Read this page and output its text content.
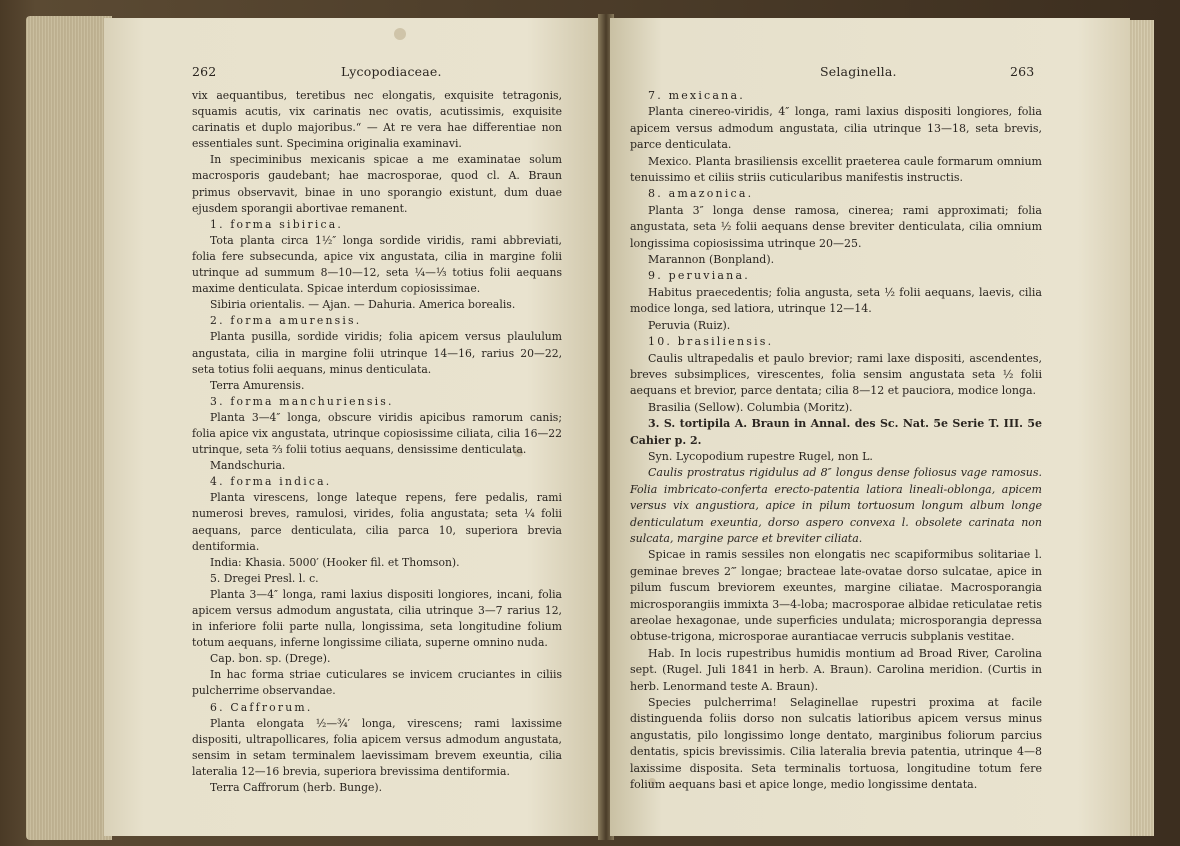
262	Lycopodiaceae.

vix aequantibus, teretibus nec elongatis, exquisite tetragonis, squamis acutis, vix carinatis nec ovatis, acutissimis, exquisite carinatis et duplo majoribus.“ — At re vera hae differentiae non essentiales sunt. Specimina originalia examinavi.

In speciminibus mexicanis spicae a me examinatae solum macrosporis gaudebant; hae macrosporae, quod cl. A. Braun primus observavit, binae in uno sporangio existunt, dum duae ejusdem sporangii abortivae remanent.

1. forma sibirica.

Tota planta circa 1½″ longa sordide viridis, rami abbreviati, folia fere subsecunda, apice vix angustata, cilia in margine folii utrinque ad summum 8—10—12, seta ¼—⅓ totius folii aequans maxime denticulata. Spicae interdum copiosissimae.

Sibiria orientalis. — Ajan. — Dahuria. America borealis.

2. forma amurensis.

Planta pusilla, sordide viridis; folia apicem versus plaululum angustata, cilia in margine folii utrinque 14—16, rarius 20—22, seta totius folii aequans, minus denticulata.

Terra Amurensis.

3. forma manchuriensis.

Planta 3—4″ longa, obscure viridis apicibus ramorum canis; folia apice vix angustata, utrinque copiosissime ciliata, cilia 16—22 utrinque, seta ⅔ folii totius aequans, densissime denticulata.

Mandschuria.

4. forma indica.

Planta virescens, longe lateque repens, fere pedalis, rami numerosi breves, ramulosi, virides, folia angustata; seta ¼ folii aequans, parce denticulata, cilia parca 10, superiora brevia dentiformia.

India: Khasia. 5000′ (Hooker fil. et Thomson).

5. Dregei Presl. l. c.

Planta 3—4″ longa, rami laxius dispositi longiores, incani, folia apicem versus admodum angustata, cilia utrinque 3—7 rarius 12, in inferiore folii parte nulla, longissima, seta longitudine folium totum aequans, inferne longissime ciliata, superne omnino nuda.

Cap. bon. sp. (Drege).

In hac forma striae cuticulares se invicem cruciantes in ciliis pulcherrime observandae.

6. Caffrorum.

Planta elongata ½—¾′ longa, virescens; rami laxissime dispositi, ultrapollicares, folia apicem versus admodum angustata, sensim in setam terminalem laevissimam brevem exeuntia, cilia lateralia 12—16 brevia, superiora brevissima dentiformia.

Terra Caffrorum (herb. Bunge).

Selaginella.	263

7. mexicana.

Planta cinereo-viridis, 4″ longa, rami laxius dispositi longiores, folia apicem versus admodum angustata, cilia utrinque 13—18, seta brevis, parce denticulata.

Mexico. Planta brasiliensis excellit praeterea caule formarum omnium tenuissimo et ciliis striis cuticularibus manifestis instructis.

8. amazonica.

Planta 3″ longa dense ramosa, cinerea; rami approximati; folia angustata, seta ½ folii aequans dense breviter denticulata, cilia omnium longissima copiosissima utrinque 20—25.

Marannon (Bonpland).

9. peruviana.

Habitus praecedentis; folia angusta, seta ½ folii aequans, laevis, cilia modice longa, sed latiora, utrinque 12—14.

Peruvia (Ruiz).

10. brasiliensis.

Caulis ultrapedalis et paulo brevior; rami laxe dispositi, ascendentes, breves subsimplices, virescentes, folia sensim angustata seta ½ folii aequans et brevior, parce dentata; cilia 8—12 et pauciora, modice longa.

Brasilia (Sellow). Columbia (Moritz).

3. S. tortipila A. Braun in Annal. des Sc. Nat. 5e Serie T. III. 5e Cahier p. 2.

Syn. Lycopodium rupestre Rugel, non L.

Caulis prostratus rigidulus ad 8″ longus dense foliosus vage ramosus. Folia imbricato-conferta erecto-patentia latiora lineali-oblonga, apicem versus vix angustiora, apice in pilum tortuosum longum album longe denticulatum exeuntia, dorso aspero convexa l. obsolete carinata non sulcata, margine parce et breviter ciliata.

Spicae in ramis sessiles non elongatis nec scapiformibus solitariae l. geminae breves 2‴ longae; bracteae late-ovatae dorso sulcatae, apice in pilum fuscum breviorem exeuntes, margine ciliatae. Macrosporangia microsporangiis immixta 3—4-loba; macrosporae albidae reticulatae retis areolae hexagonae, unde superficies undulata; microsporangia depressa obtuse-trigona, microsporae aurantiacae verrucis subplanis vestitae.

Hab. In locis rupestribus humidis montium ad Broad River, Carolina sept. (Rugel. Juli 1841 in herb. A. Braun). Carolina meridion. (Curtis in herb. Lenormand teste A. Braun).

Species pulcherrima! Selaginellae rupestri proxima at facile distinguenda foliis dorso non sulcatis latioribus apicem versus minus angustatis, pilo longissimo longe dentato, marginibus foliorum parcius dentatis, spicis brevissimis. Cilia lateralia brevia patentia, utrinque 4—8 laxissime disposita. Seta terminalis tortuosa, longitudine totum fere folium aequans basi et apice longe, medio longissime dentata.
